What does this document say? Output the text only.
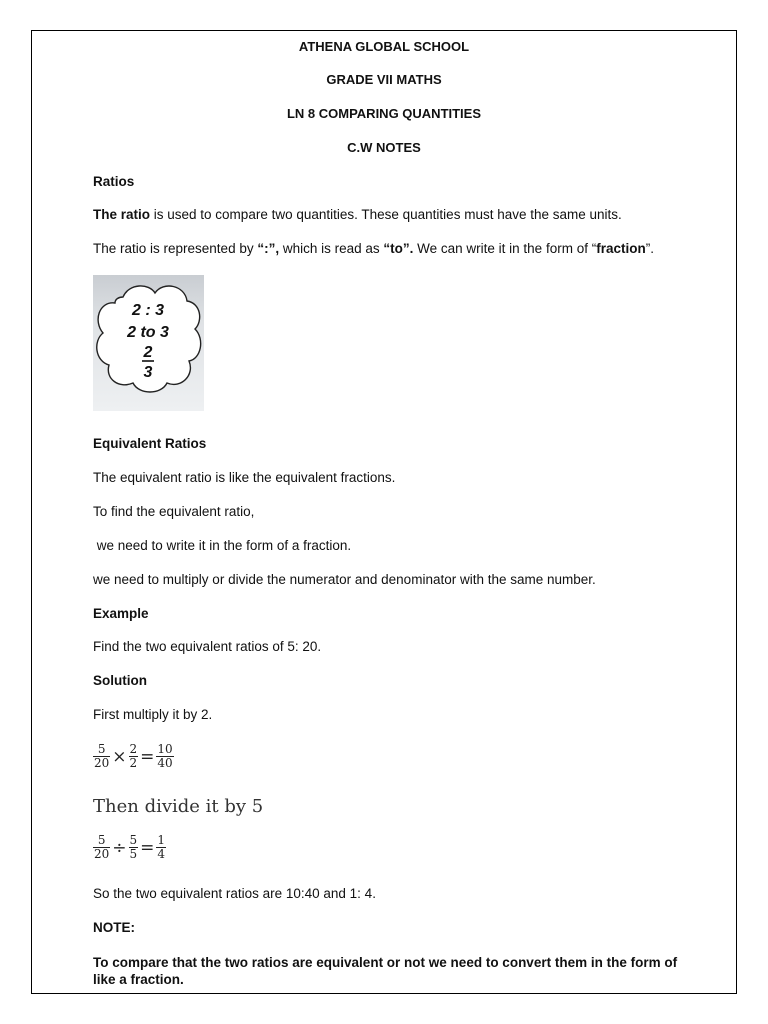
ATHENA GLOBAL SCHOOL
GRADE VII MATHS
LN 8 COMPARING QUANTITIES
C.W NOTES
Ratios
The ratio is used to compare two quantities. These quantities must have the same units.
The ratio is represented by “:”, which is read as “to”. We can write it in the form of “fraction”.
2 : 3
2 to 3
2
3
Equivalent Ratios
The equivalent ratio is like the equivalent fractions.
To find the equivalent ratio,
we need to write it in the form of a fraction.
we need to multiply or divide the numerator and denominator with the same number.
Example
Find the two equivalent ratios of 5: 20.
Solution
First multiply it by 2.
$\frac{5}{20} \times \frac{2}{2} = \frac{10}{40}$
Then divide it by 5
$\frac{5}{20} \div \frac{5}{5} = \frac{1}{4}$
So the two equivalent ratios are 10:40 and 1: 4.
NOTE:
To compare that the two ratios are equivalent or not we need to convert them in the form of like a fraction.
